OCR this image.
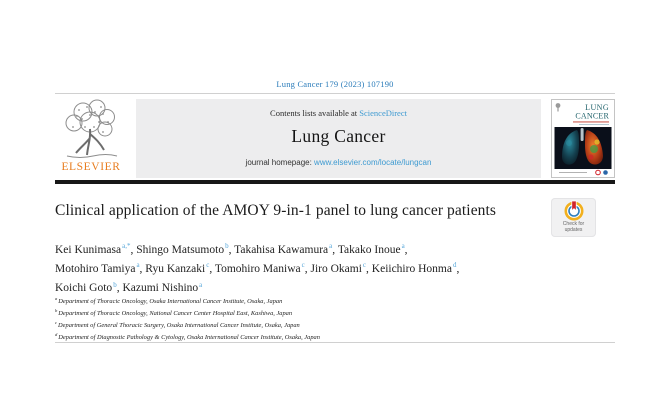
Lung Cancer 179 (2023) 107190
ELSEVIER
Contents lists available at ScienceDirect
Lung Cancer
journal homepage: www.elsevier.com/locate/lungcan
LUNG
CANCER
Clinical application of the AMOY 9-in-1 panel to lung cancer patients
Check for
updates
Kei Kunimasa$^{a,*}$, Shingo Matsumoto$^b$, Takahisa Kawamura$^a$, Takako Inoue$^a$,
Motohiro Tamiya$^a$, Ryu Kanzaki$^c$, Tomohiro Maniwa$^c$, Jiro Okami$^c$, Keiichiro Honma$^d$,
Koichi Goto$^b$, Kazumi Nishino$^a$
$^a$Department of Thoracic Oncology, Osaka International Cancer Institute, Osaka, Japan
$^b$Department of Thoracic Oncology, National Cancer Center Hospital East, Kashiwa, Japan
$^c$Department of General Thoracic Surgery, Osaka International Cancer Institute, Osaka, Japan
$^d$Department of Diagnostic Pathology & Cytology, Osaka International Cancer Institute, Osaka, Japan
